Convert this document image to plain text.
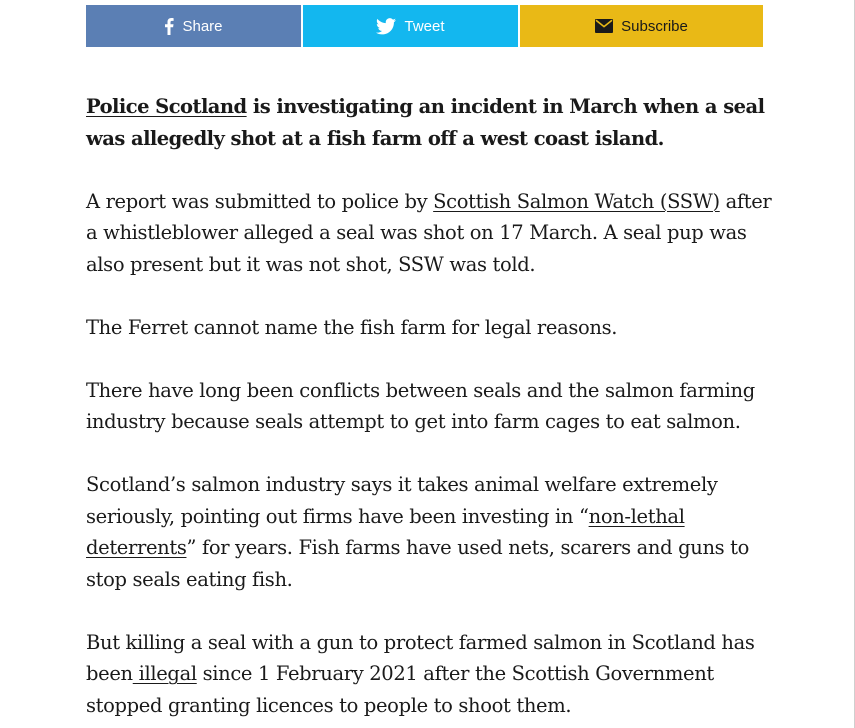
Share	Tweet	Subscribe

Police Scotland is investigating an incident in March when a seal was allegedly shot at a fish farm off a west coast island.

A report was submitted to police by Scottish Salmon Watch (SSW) after a whistleblower alleged a seal was shot on 17 March. A seal pup was also present but it was not shot, SSW was told.

The Ferret cannot name the fish farm for legal reasons.

There have long been conflicts between seals and the salmon farming industry because seals attempt to get into farm cages to eat salmon.

Scotland’s salmon industry says it takes animal welfare extremely seriously, pointing out firms have been investing in “non-lethal deterrents” for years. Fish farms have used nets, scarers and guns to stop seals eating fish.

But killing a seal with a gun to protect farmed salmon in Scotland has been illegal since 1 February 2021 after the Scottish Government stopped granting licences to people to shoot them.
